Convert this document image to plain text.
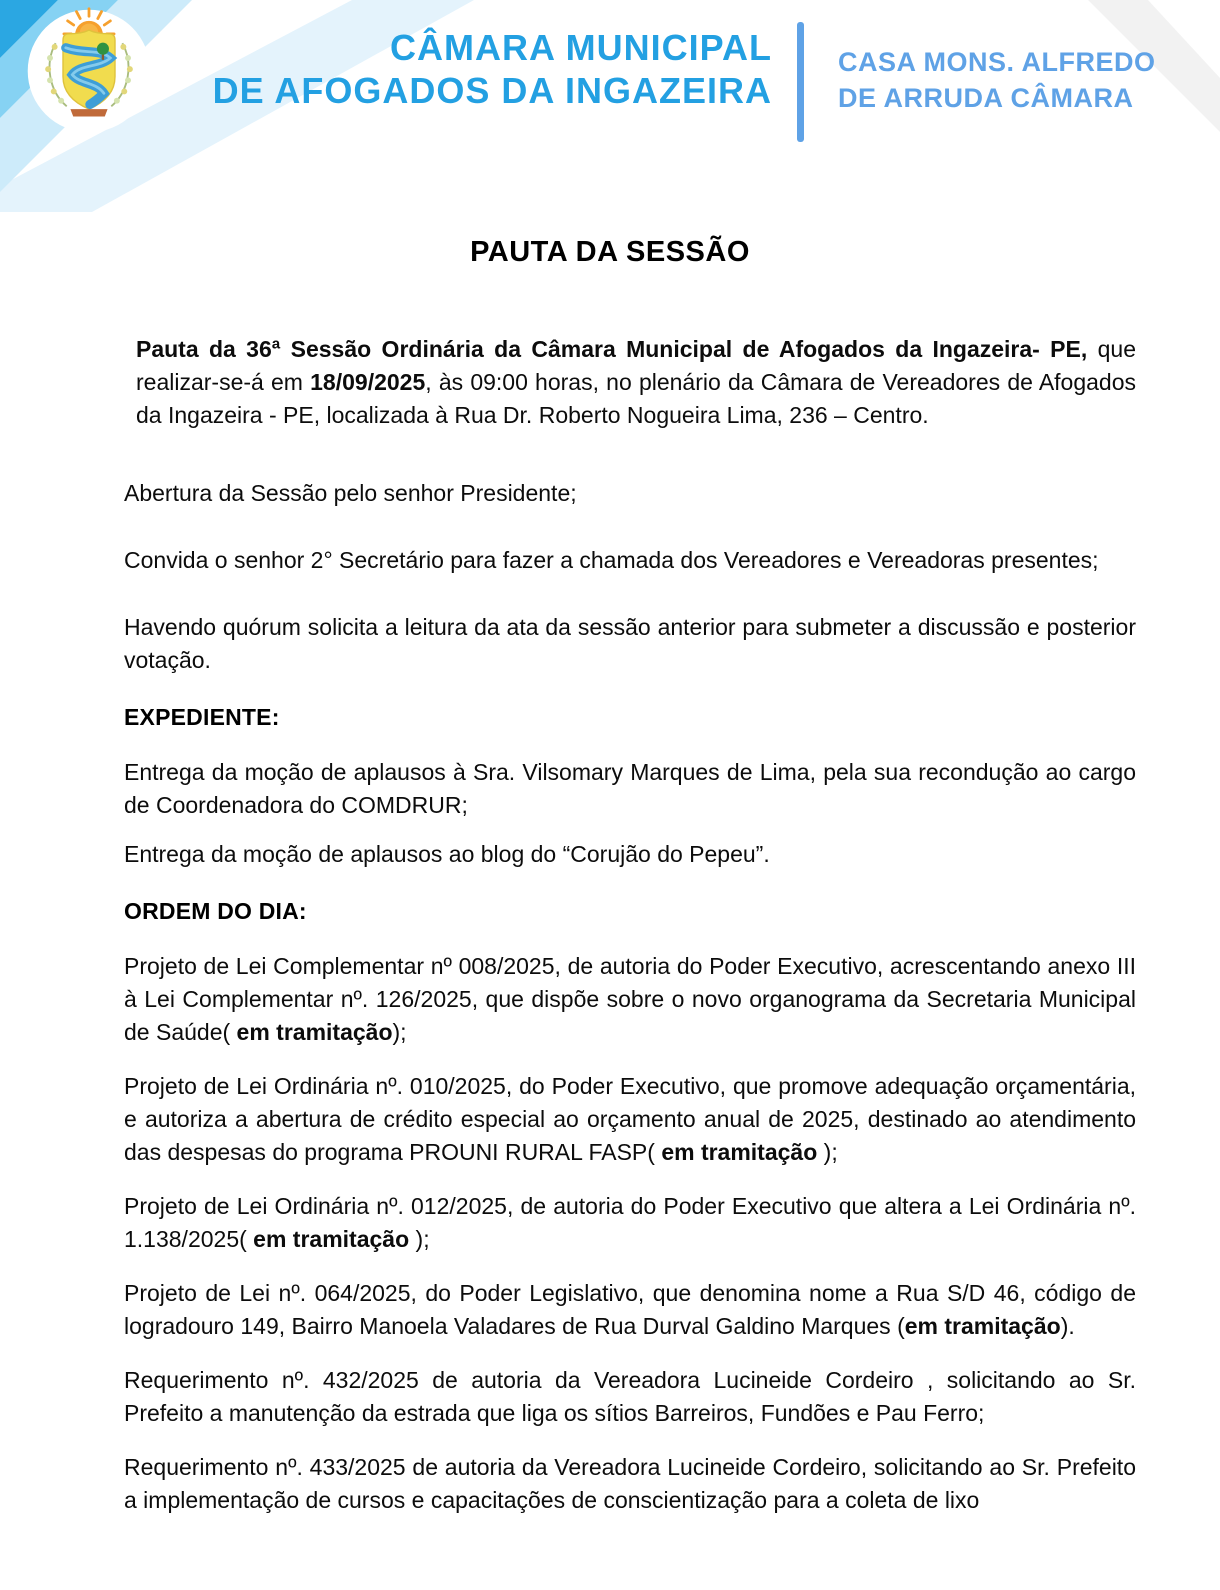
CÂMARA MUNICIPAL
DE AFOGADOS DA INGAZEIRA
CASA MONS. ALFREDO
DE ARRUDA CÂMARA
PAUTA DA SESSÃO

Pauta da 36ª Sessão Ordinária da Câmara Municipal de Afogados da Ingazeira- PE, que realizar-se-á em 18/09/2025, às 09:00 horas, no plenário da Câmara de Vereadores de Afogados da Ingazeira - PE, localizada à Rua Dr. Roberto Nogueira Lima, 236 – Centro.

Abertura da Sessão pelo senhor Presidente;

Convida o senhor 2° Secretário para fazer a chamada dos Vereadores e Vereadoras presentes;

Havendo quórum solicita a leitura da ata da sessão anterior para submeter a discussão e posterior votação.

EXPEDIENTE:

Entrega da moção de aplausos à Sra. Vilsomary Marques de Lima, pela sua recondução ao cargo de Coordenadora do COMDRUR;

Entrega da moção de aplausos ao blog do “Corujão do Pepeu”.

ORDEM DO DIA:

Projeto de Lei Complementar nº 008/2025, de autoria do Poder Executivo, acrescentando anexo III à Lei Complementar nº. 126/2025, que dispõe sobre o novo organograma da Secretaria Municipal de Saúde( em tramitação);

Projeto de Lei Ordinária nº. 010/2025, do Poder Executivo, que promove adequação orçamentária, e autoriza a abertura de crédito especial ao orçamento anual de 2025, destinado ao atendimento das despesas do programa PROUNI RURAL FASP( em tramitação );

Projeto de Lei Ordinária nº. 012/2025, de autoria do Poder Executivo que altera a Lei Ordinária nº. 1.138/2025( em tramitação );

Projeto de Lei nº. 064/2025, do Poder Legislativo, que denomina nome a Rua S/D 46, código de logradouro 149, Bairro Manoela Valadares de Rua Durval Galdino Marques (em tramitação).

Requerimento nº. 432/2025 de autoria da Vereadora Lucineide Cordeiro , solicitando ao Sr. Prefeito a manutenção da estrada que liga os sítios Barreiros, Fundões e Pau Ferro;

Requerimento nº. 433/2025 de autoria da Vereadora Lucineide Cordeiro, solicitando ao Sr. Prefeito a implementação de cursos e capacitações de conscientização para a coleta de lixo
